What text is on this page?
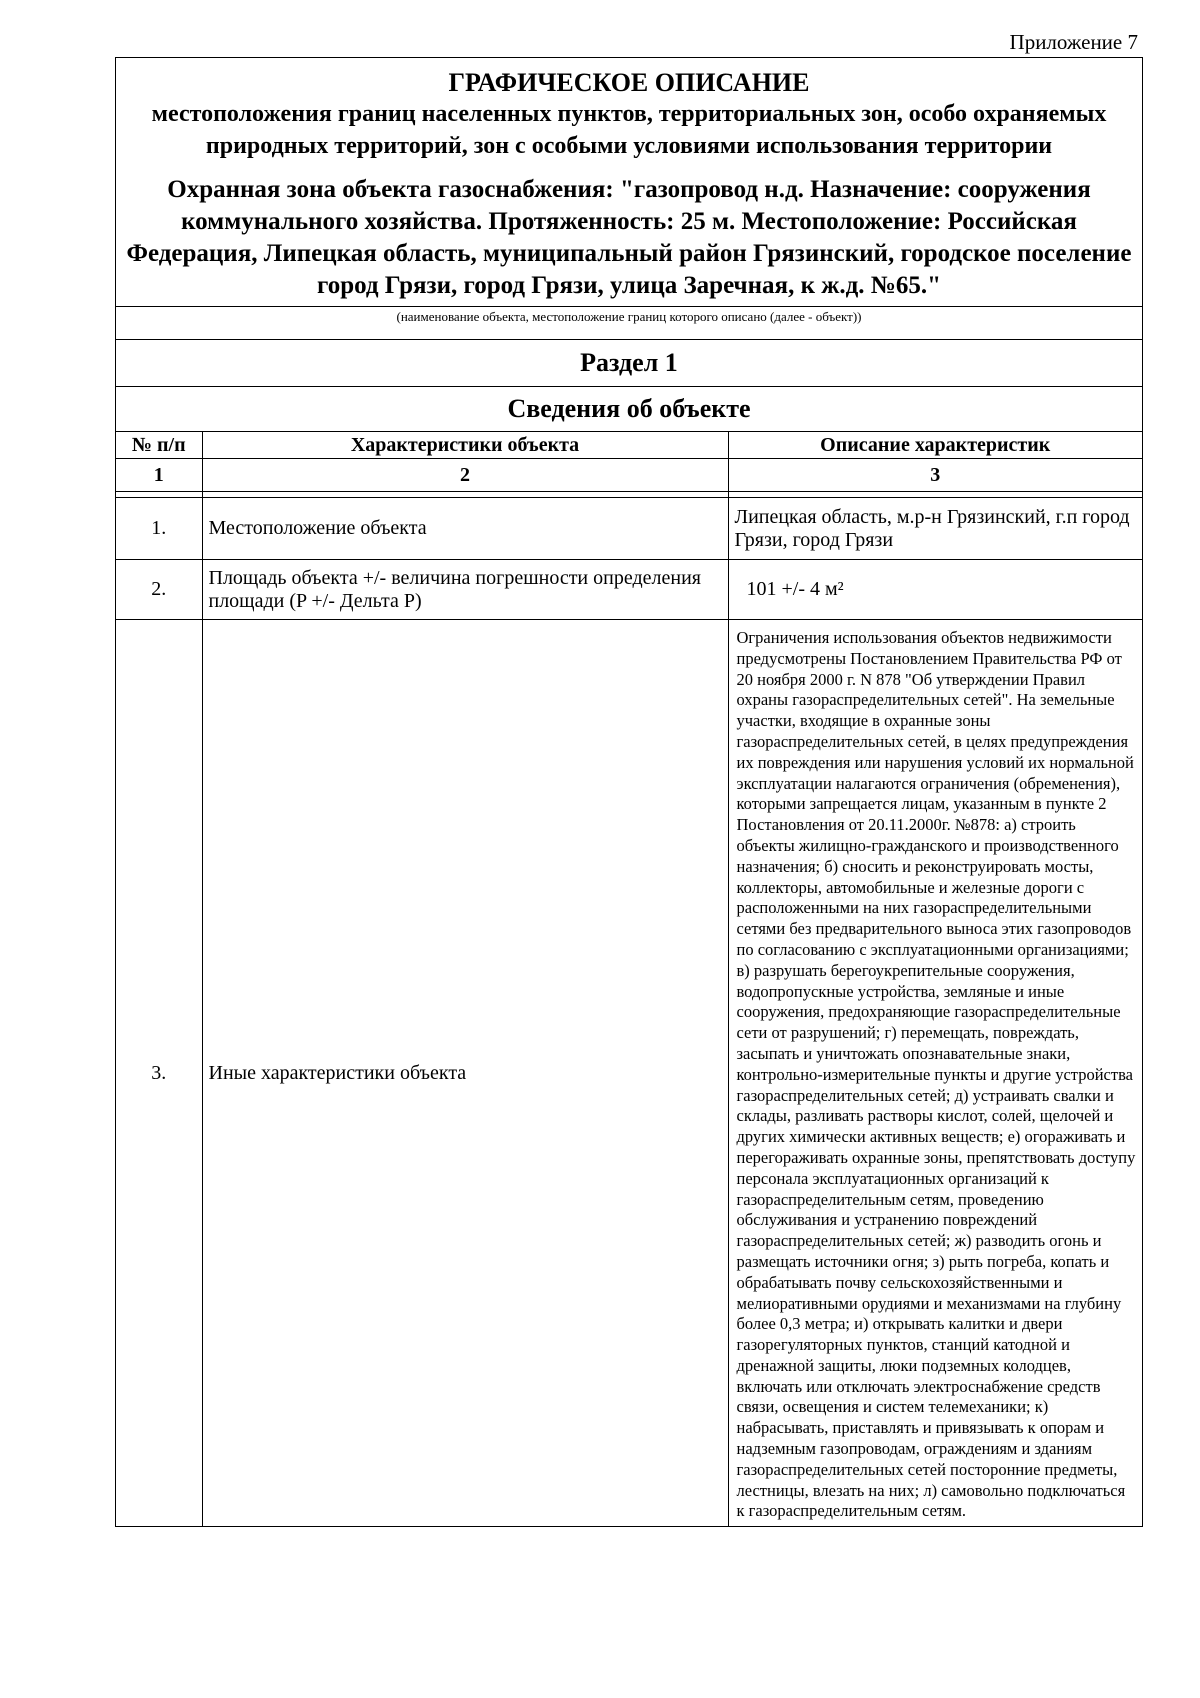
Приложение 7
ГРАФИЧЕСКОЕ ОПИСАНИЕ
местоположения границ населенных пунктов, территориальных зон, особо охраняемых природных территорий, зон с особыми условиями использования территории
Охранная зона объекта газоснабжения: "газопровод н.д. Назначение: сооружения коммунального хозяйства. Протяженность: 25 м. Местоположение: Российская Федерация, Липецкая область, муниципальный район Грязинский, городское поселение город Грязи, город Грязи, улица Заречная, к ж.д. №65."
(наименование объекта, местоположение границ которого описано (далее - объект))
Раздел 1
Сведения об объекте
№ п/п	Характеристики объекта	Описание характеристик
1	2	3

1.	Местоположение объекта	Липецкая область, м.р-н Грязинский, г.п город Грязи, город Грязи
2.	Площадь объекта +/- величина погрешности определения площади (P +/- Дельта P)	101 +/- 4 м²
3.	Иные характеристики объекта	Ограничения использования объектов недвижимости предусмотрены Постановлением Правительства РФ от 20 ноября 2000 г. N 878 "Об утверждении Правил охраны газораспределительных сетей". На земельные участки, входящие в охранные зоны газораспределительных сетей, в целях предупреждения их повреждения или нарушения условий их нормальной эксплуатации налагаются ограничения (обременения), которыми запрещается лицам, указанным в пункте 2 Постановления от 20.11.2000г. №878: а) строить объекты жилищно-гражданского и производственного назначения; б) сносить и реконструировать мосты, коллекторы, автомобильные и железные дороги с расположенными на них газораспределительными сетями без предварительного выноса этих газопроводов по согласованию с эксплуатационными организациями; в) разрушать берегоукрепительные сооружения, водопропускные устройства, земляные и иные сооружения, предохраняющие газораспределительные сети от разрушений; г) перемещать, повреждать, засыпать и уничтожать опознавательные знаки, контрольно-измерительные пункты и другие устройства газораспределительных сетей; д) устраивать свалки и склады, разливать растворы кислот, солей, щелочей и других химически активных веществ; е) огораживать и перегораживать охранные зоны, препятствовать доступу персонала эксплуатационных организаций к газораспределительным сетям, проведению обслуживания и устранению повреждений газораспределительных сетей; ж) разводить огонь и размещать источники огня; з) рыть погреба, копать и обрабатывать почву сельскохозяйственными и мелиоративными орудиями и механизмами на глубину более 0,3 метра; и) открывать калитки и двери газорегуляторных пунктов, станций катодной и дренажной защиты, люки подземных колодцев, включать или отключать электроснабжение средств связи, освещения и систем телемеханики; к) набрасывать, приставлять и привязывать к опорам и надземным газопроводам, ограждениям и зданиям газораспределительных сетей посторонние предметы, лестницы, влезать на них; л) самовольно подключаться к газораспределительным сетям.
